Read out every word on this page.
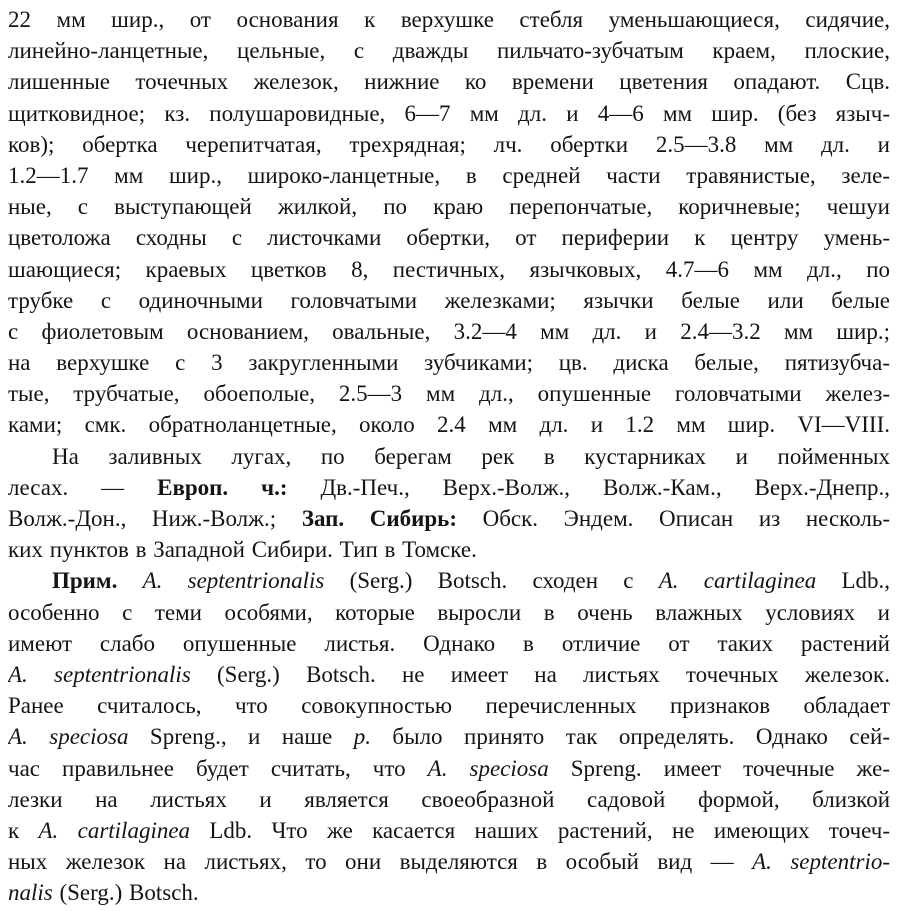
22 мм шир., от основания к верхушке стебля уменьшающиеся, сидячие,
линейно-ланцетные, цельные, с дважды пильчато-зубчатым краем, плоские,
лишенные точечных железок, нижние ко времени цветения опадают. Сцв.
щитковидное; кз. полушаровидные, 6—7 мм дл. и 4—6 мм шир. (без языч-
ков); обертка черепитчатая, трехрядная; лч. обертки 2.5—3.8 мм дл. и
1.2—1.7 мм шир., широко-ланцетные, в средней части травянистые, зеле-
ные, с выступающей жилкой, по краю перепончатые, коричневые; чешуи
цветоложа сходны с листочками обертки, от периферии к центру умень-
шающиеся; краевых цветков 8, пестичных, язычковых, 4.7—6 мм дл., по
трубке с одиночными головчатыми железками; язычки белые или белые
с фиолетовым основанием, овальные, 3.2—4 мм дл. и 2.4—3.2 мм шир.;
на верхушке с 3 закругленными зубчиками; цв. диска белые, пятизубча-
тые, трубчатые, обоеполые, 2.5—3 мм дл., опушенные головчатыми желез-
ками; смк. обратноланцетные, около 2.4 мм дл. и 1.2 мм шир. VI—VIII.
На заливных лугах, по берегам рек в кустарниках и пойменных
лесах. — Европ. ч.: Дв.-Печ., Верх.-Волж., Волж.-Кам., Верх.-Днепр.,
Волж.-Дон., Ниж.-Волж.; Зап. Сибирь: Обск. Эндем. Описан из несколь-
ких пунктов в Западной Сибири. Тип в Томске.
Прим. A. septentrionalis (Serg.) Botsch. сходен с A. cartilaginea Ldb.,
особенно с теми особями, которые выросли в очень влажных условиях и
имеют слабо опушенные листья. Однако в отличие от таких растений
A. septentrionalis (Serg.) Botsch. не имеет на листьях точечных железок.
Ранее считалось, что совокупностью перечисленных признаков обладает
A. speciosa Spreng., и наше р. было принято так определять. Однако сей-
час правильнее будет считать, что A. speciosa Spreng. имеет точечные же-
лезки на листьях и является своеобразной садовой формой, близкой
к A. cartilaginea Ldb. Что же касается наших растений, не имеющих точеч-
ных железок на листьях, то они выделяются в особый вид — A. septentrio-
nalis (Serg.) Botsch.
